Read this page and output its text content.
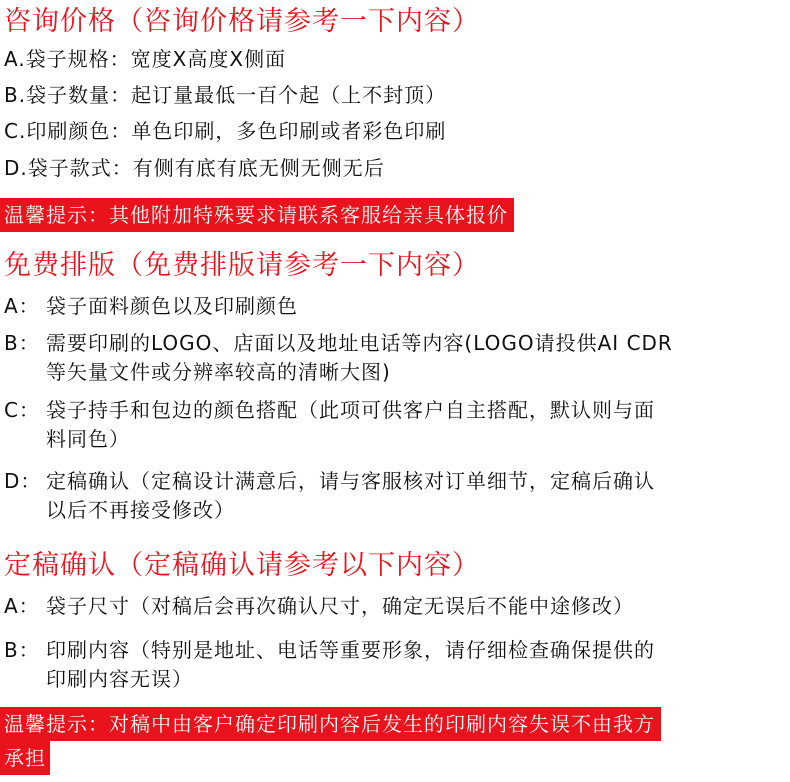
咨询价格（咨询价格请参考一下内容）

A.袋子规格：宽度X高度X侧面

B.袋子数量：起订量最低一百个起（上不封顶）

C.印刷颜色：单色印刷，多色印刷或者彩色印刷

D.袋子款式：有侧有底有底无侧无侧无后

温馨提示：其他附加特殊要求请联系客服给亲具体报价
免费排版（免费排版请参考一下内容）
A： 袋子面料颜色以及印刷颜色
B： 需要印刷的LOGO、店面以及地址电话等内容(LOGO请投供AI CDR
等矢量文件或分辨率较高的清晰大图)
C： 袋子持手和包边的颜色搭配（此项可供客户自主搭配，默认则与面
料同色）
D： 定稿确认（定稿设计满意后，请与客服核对订单细节，定稿后确认
以后不再接受修改）
定稿确认（定稿确认请参考以下内容）
A： 袋子尺寸（对稿后会再次确认尺寸，确定无误后不能中途修改）
B： 印刷内容（特别是地址、电话等重要形象，请仔细检查确保提供的
印刷内容无误）
温馨提示：对稿中由客户确定印刷内容后发生的印刷内容失误不由我方
承担
